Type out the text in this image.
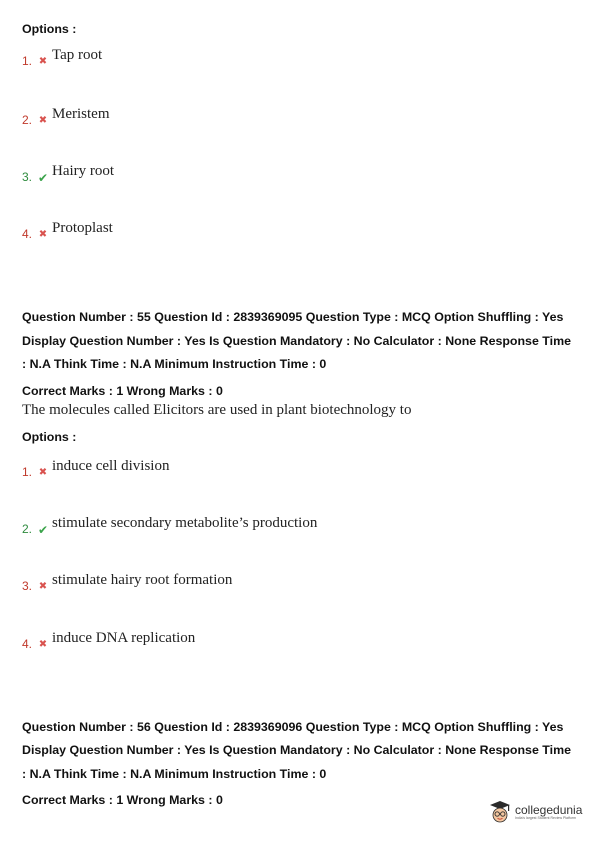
Options :
1. ✖ Tap root
2. ✖ Meristem
3. ✔ Hairy root
4. ✖ Protoplast
Question Number : 55 Question Id : 2839369095 Question Type : MCQ Option Shuffling : Yes
Display Question Number : Yes Is Question Mandatory : No Calculator : None Response Time
: N.A Think Time : N.A Minimum Instruction Time : 0
Correct Marks : 1 Wrong Marks : 0
The molecules called Elicitors are used in plant biotechnology to
Options :
1. ✖ induce cell division
2. ✔ stimulate secondary metabolite’s production
3. ✖ stimulate hairy root formation
4. ✖ induce DNA replication
Question Number : 56 Question Id : 2839369096 Question Type : MCQ Option Shuffling : Yes
Display Question Number : Yes Is Question Mandatory : No Calculator : None Response Time
: N.A Think Time : N.A Minimum Instruction Time : 0
Correct Marks : 1 Wrong Marks : 0
collegedunia
India's largest Student Review Platform
